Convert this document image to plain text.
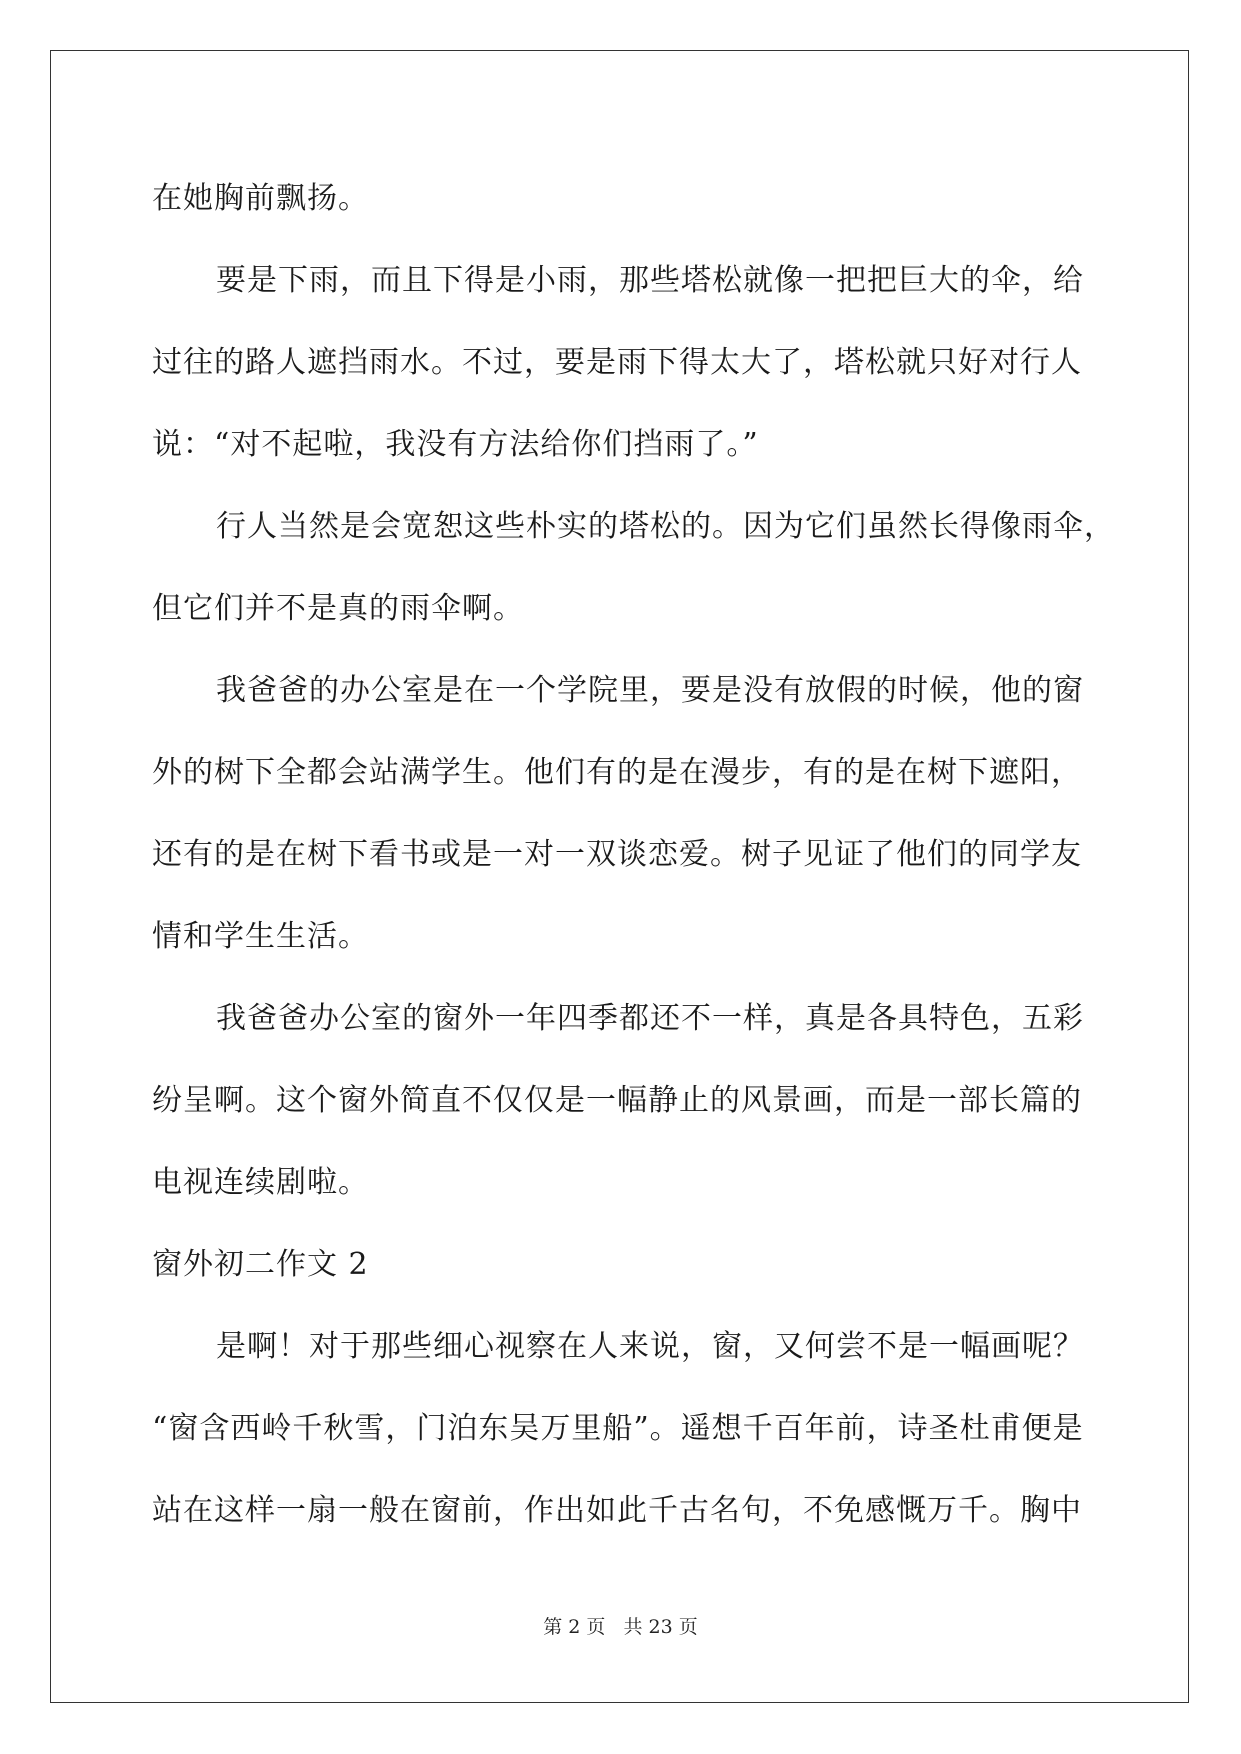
在她胸前飘扬。

要是下雨，而且下得是小雨，那些塔松就像一把把巨大的伞，给

过往的路人遮挡雨水。不过，要是雨下得太大了，塔松就只好对行人

说：“对不起啦，我没有方法给你们挡雨了。”

行人当然是会宽恕这些朴实的塔松的。因为它们虽然长得像雨伞，

但它们并不是真的雨伞啊。

我爸爸的办公室是在一个学院里，要是没有放假的时候，他的窗

外的树下全都会站满学生。他们有的是在漫步，有的是在树下遮阳，

还有的是在树下看书或是一对一双谈恋爱。树子见证了他们的同学友

情和学生生活。

我爸爸办公室的窗外一年四季都还不一样，真是各具特色，五彩

纷呈啊。这个窗外简直不仅仅是一幅静止的风景画，而是一部长篇的

电视连续剧啦。

窗外初二作文 2

是啊！对于那些细心视察在人来说，窗，又何尝不是一幅画呢？

“窗含西岭千秋雪，门泊东吴万里船”。遥想千百年前，诗圣杜甫便是

站在这样一扇一般在窗前，作出如此千古名句，不免感慨万千。胸中

第 2 页 共 23 页
